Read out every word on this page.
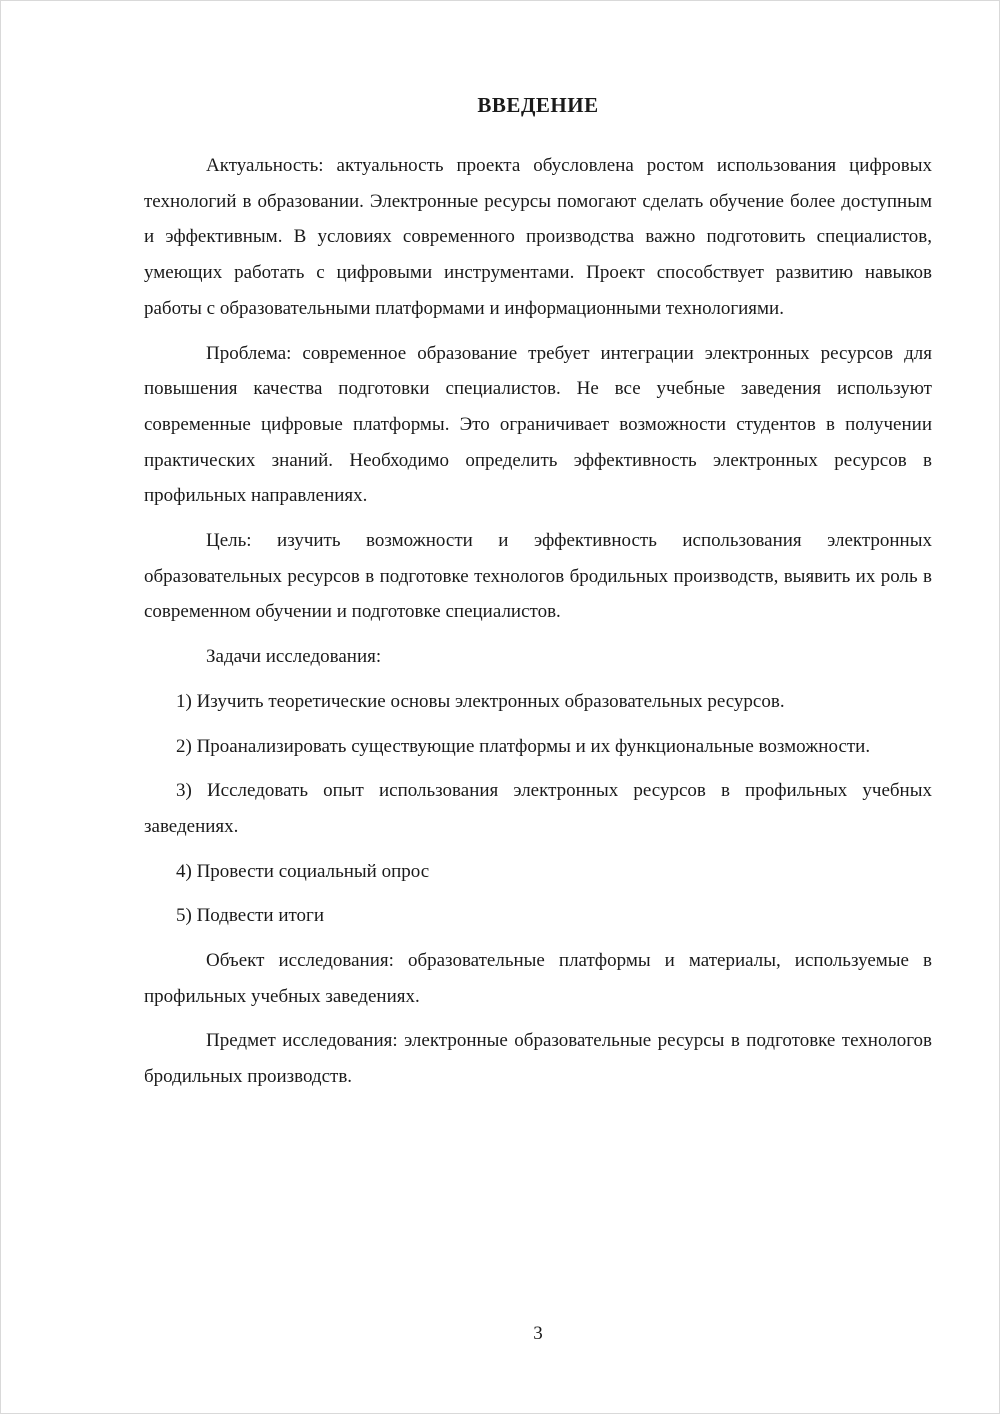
ВВЕДЕНИЕ

Актуальность: актуальность проекта обусловлена ростом использования цифровых технологий в образовании. Электронные ресурсы помогают сделать обучение более доступным и эффективным. В условиях современного производства важно подготовить специалистов, умеющих работать с цифровыми инструментами. Проект способствует развитию навыков работы с образовательными платформами и информационными технологиями.

Проблема: современное образование требует интеграции электронных ресурсов для повышения качества подготовки специалистов. Не все учебные заведения используют современные цифровые платформы. Это ограничивает возможности студентов в получении практических знаний. Необходимо определить эффективность электронных ресурсов в профильных направлениях.

Цель: изучить возможности и эффективность использования электронных образовательных ресурсов в подготовке технологов бродильных производств, выявить их роль в современном обучении и подготовке специалистов.

Задачи исследования:

1) Изучить теоретические основы электронных образовательных ресурсов.

2) Проанализировать существующие платформы и их функциональные возможности.

3) Исследовать опыт использования электронных ресурсов в профильных учебных заведениях.

4) Провести социальный опрос

5) Подвести итоги

Объект исследования: образовательные платформы и материалы, используемые в профильных учебных заведениях.

Предмет исследования: электронные образовательные ресурсы в подготовке технологов бродильных производств.

3
